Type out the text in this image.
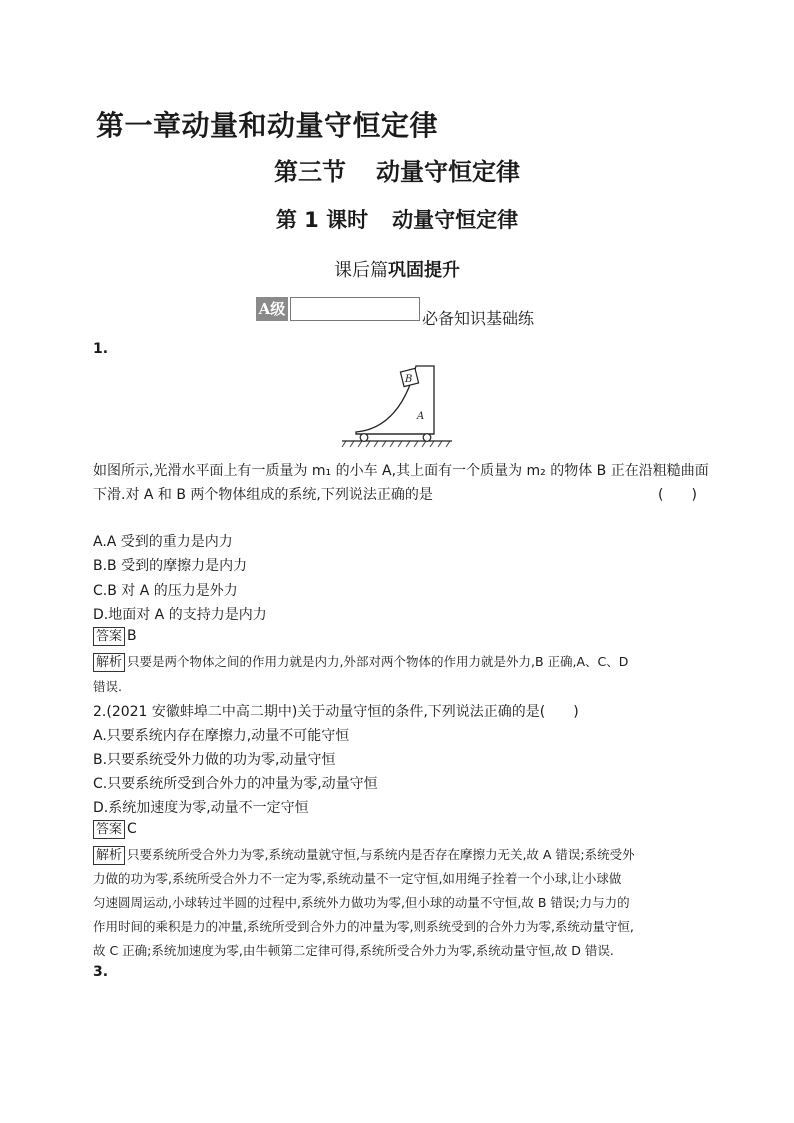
第一章动量和动量守恒定律
第三节 动量守恒定律
第 1 课时 动量守恒定律
课后篇巩固提升
A级	必备知识基础练
1.
B
A
如图所示,光滑水平面上有一质量为 m₁ 的小车 A,其上面有一个质量为 m₂ 的物体 B 正在沿粗糙曲面
下滑.对 A 和 B 两个物体组成的系统,下列说法正确的是	(　　)
A.A 受到的重力是内力
B.B 受到的摩擦力是内力
C.B 对 A 的压力是外力
D.地面对 A 的支持力是内力
答案 B
解析 只要是两个物体之间的作用力就是内力,外部对两个物体的作用力就是外力,B 正确,A、C、D
错误.
2.(2021 安徽蚌埠二中高二期中)关于动量守恒的条件,下列说法正确的是(　　)
A.只要系统内存在摩擦力,动量不可能守恒
B.只要系统受外力做的功为零,动量守恒
C.只要系统所受到合外力的冲量为零,动量守恒
D.系统加速度为零,动量不一定守恒
答案 C
解析 只要系统所受合外力为零,系统动量就守恒,与系统内是否存在摩擦力无关,故 A 错误;系统受外
力做的功为零,系统所受合外力不一定为零,系统动量不一定守恒,如用绳子拴着一个小球,让小球做
匀速圆周运动,小球转过半圆的过程中,系统外力做功为零,但小球的动量不守恒,故 B 错误;力与力的
作用时间的乘积是力的冲量,系统所受到合外力的冲量为零,则系统受到的合外力为零,系统动量守恒,
故 C 正确;系统加速度为零,由牛顿第二定律可得,系统所受合外力为零,系统动量守恒,故 D 错误.
3.
